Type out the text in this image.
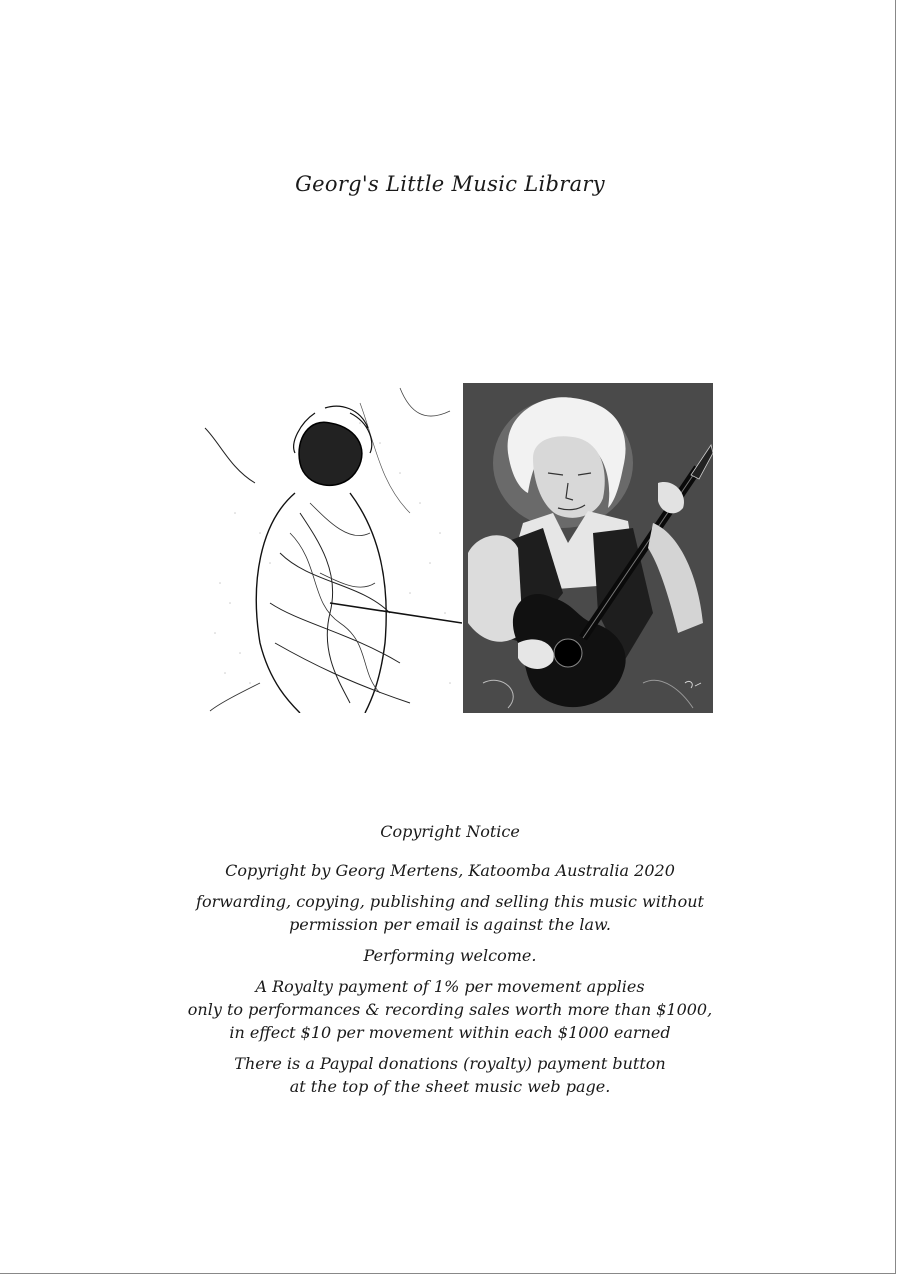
Georg's Little Music Library
Copyright Notice
Copyright by Georg Mertens, Katoomba Australia 2020
forwarding, copying, publishing and selling this music without
permission per email is against the law.
Performing welcome.
A Royalty payment of 1% per movement applies
only to performances & recording sales worth more than $1000,
in effect $10 per movement within each $1000 earned
There is a Paypal donations (royalty) payment button
at the top of the sheet music web page.
